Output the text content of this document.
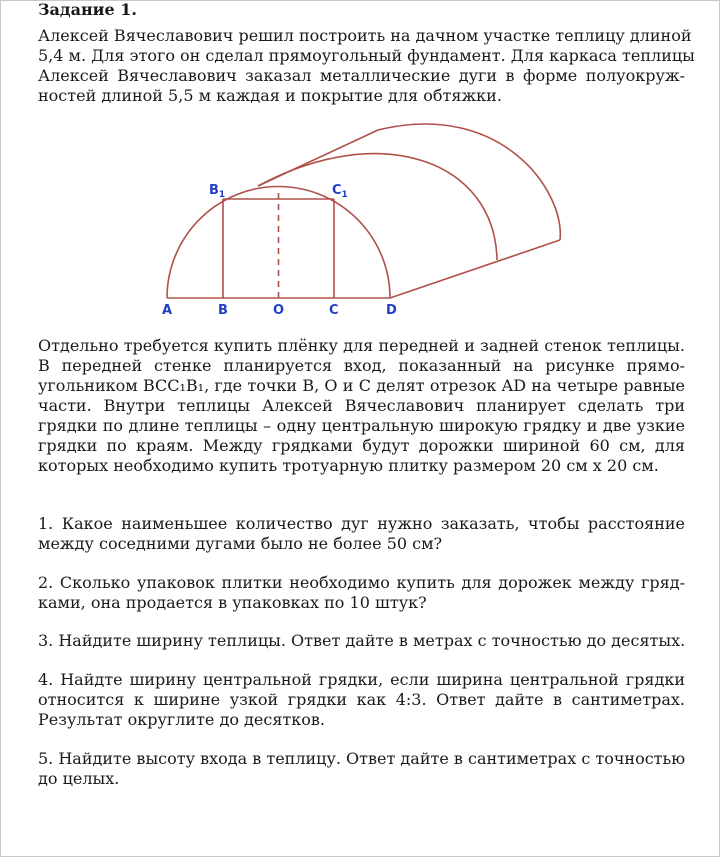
Задание 1.
Алексей Вячеславович решил построить на дачном участке теплицу длиной
5,4 м. Для этого он сделал прямоугольный фундамент. Для каркаса теплицы
Алексей Вячеславович заказал металлические дуги в форме полуокруж-
ностей длиной 5,5 м каждая и покрытие для обтяжки.
A	B	O	C	D
$B_1$	$C_1$
Отдельно требуется купить плёнку для передней и задней стенок теплицы.
В передней стенке планируется вход, показанный на рисунке прямо-
угольником BCC₁B₁, где точки B, O и C делят отрезок AD на четыре равные
части. Внутри теплицы Алексей Вячеславович планирует сделать три
грядки по длине теплицы – одну центральную широкую грядку и две узкие
грядки по краям. Между грядками будут дорожки шириной 60 см, для
которых необходимо купить тротуарную плитку размером 20 см х 20 см.
1. Какое наименьшее количество дуг нужно заказать, чтобы расстояние
между соседними дугами было не более 50 см?
2. Сколько упаковок плитки необходимо купить для дорожек между гряд-
ками, она продается в упаковках по 10 штук?
3. Найдите ширину теплицы. Ответ дайте в метрах с точностью до десятых.
4. Найдте ширину центральной грядки, если ширина центральной грядки
относится к ширине узкой грядки как 4:3. Ответ дайте в сантиметрах.
Результат округлите до десятков.
5. Найдите высоту входа в теплицу. Ответ дайте в сантиметрах с точностью
до целых.
